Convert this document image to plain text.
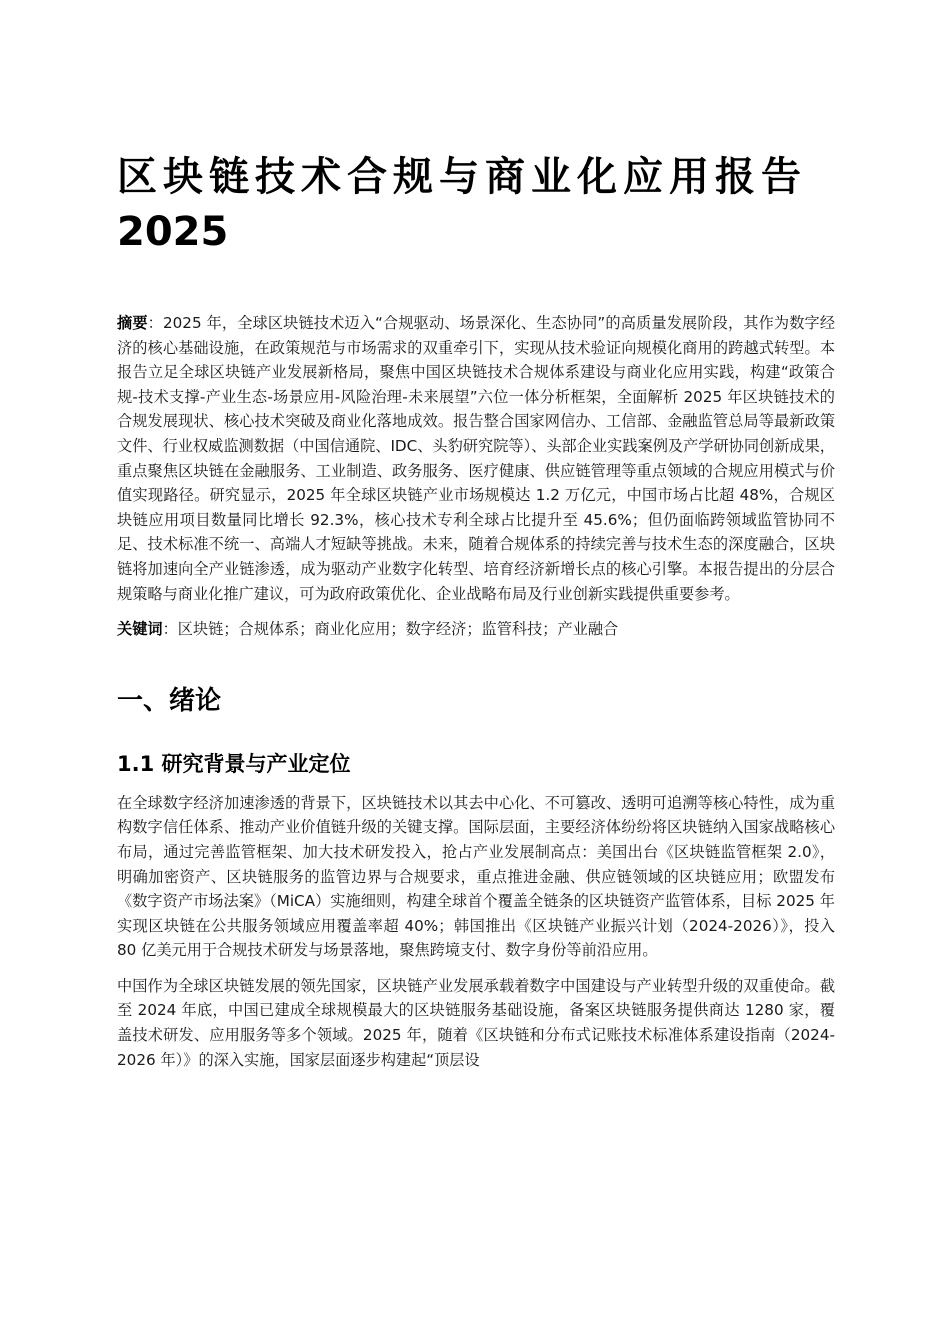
区块链技术合规与商业化应用报告
2025

摘要：2025 年，全球区块链技术迈入“合规驱动、场景深化、生态协同”的高质量发展阶段，其作为数字经济的核心基础设施，在政策规范与市场需求的双重牵引下，实现从技术验证向规模化商用的跨越式转型。本报告立足全球区块链产业发展新格局，聚焦中国区块链技术合规体系建设与商业化应用实践，构建“政策合规-技术支撑-产业生态-场景应用-风险治理-未来展望”六位一体分析框架，全面解析 2025 年区块链技术的合规发展现状、核心技术突破及商业化落地成效。报告整合国家网信办、工信部、金融监管总局等最新政策文件、行业权威监测数据（中国信通院、IDC、头豹研究院等）、头部企业实践案例及产学研协同创新成果，重点聚焦区块链在金融服务、工业制造、政务服务、医疗健康、供应链管理等重点领域的合规应用模式与价值实现路径。研究显示，2025 年全球区块链产业市场规模达 1.2 万亿元，中国市场占比超 48%，合规区块链应用项目数量同比增长 92.3%，核心技术专利全球占比提升至 45.6%；但仍面临跨领域监管协同不足、技术标准不统一、高端人才短缺等挑战。未来，随着合规体系的持续完善与技术生态的深度融合，区块链将加速向全产业链渗透，成为驱动产业数字化转型、培育经济新增长点的核心引擎。本报告提出的分层合规策略与商业化推广建议，可为政府政策优化、企业战略布局及行业创新实践提供重要参考。

关键词：区块链；合规体系；商业化应用；数字经济；监管科技；产业融合

一、绪论
1.1 研究背景与产业定位

在全球数字经济加速渗透的背景下，区块链技术以其去中心化、不可篡改、透明可追溯等核心特性，成为重构数字信任体系、推动产业价值链升级的关键支撑。国际层面，主要经济体纷纷将区块链纳入国家战略核心布局，通过完善监管框架、加大技术研发投入，抢占产业发展制高点：美国出台《区块链监管框架 2.0》，明确加密资产、区块链服务的监管边界与合规要求，重点推进金融、供应链领域的区块链应用；欧盟发布《数字资产市场法案》（MiCA）实施细则，构建全球首个覆盖全链条的区块链资产监管体系，目标 2025 年实现区块链在公共服务领域应用覆盖率超 40%；韩国推出《区块链产业振兴计划（2024-2026）》，投入 80 亿美元用于合规技术研发与场景落地，聚焦跨境支付、数字身份等前沿应用。

中国作为全球区块链发展的领先国家，区块链产业发展承载着数字中国建设与产业转型升级的双重使命。截至 2024 年底，中国已建成全球规模最大的区块链服务基础设施，备案区块链服务提供商达 1280 家，覆盖技术研发、应用服务等多个领域。2025 年，随着《区块链和分布式记账技术标准体系建设指南（2024-2026 年）》的深入实施，国家层面逐步构建起“顶层设
